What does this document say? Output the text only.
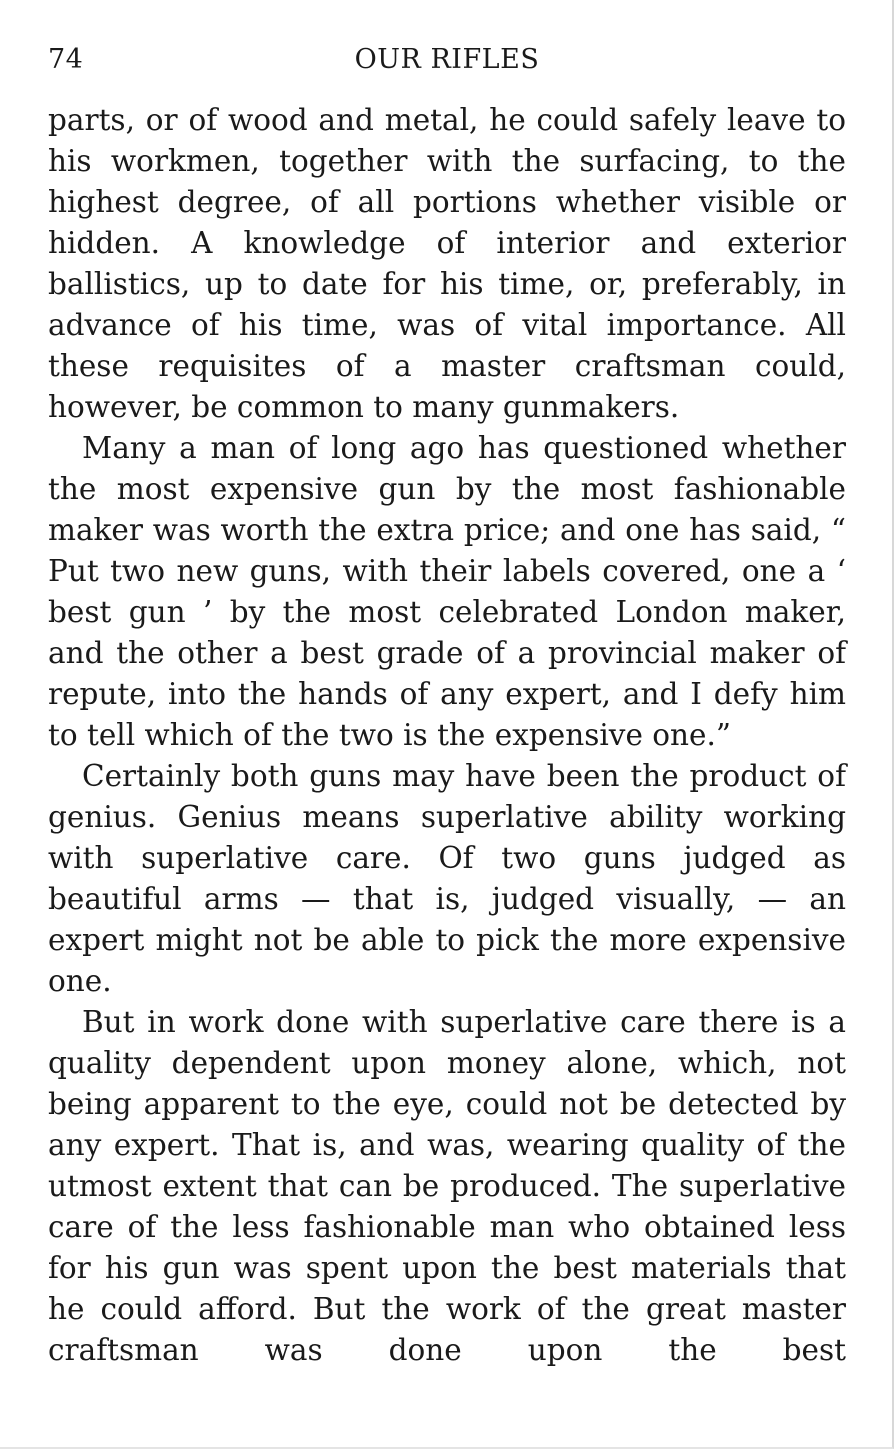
74	OUR RIFLES

parts, or of wood and metal, he could safely leave to his workmen, together with the surfacing, to the highest degree, of all portions whether visible or hidden. A knowledge of interior and exterior ballistics, up to date for his time, or, preferably, in advance of his time, was of vital importance. All these requisites of a master craftsman could, however, be common to many gunmakers.

Many a man of long ago has questioned whether the most expensive gun by the most fashionable maker was worth the extra price; and one has said, “ Put two new guns, with their labels covered, one a ‘ best gun ’ by the most celebrated London maker, and the other a best grade of a provincial maker of repute, into the hands of any expert, and I defy him to tell which of the two is the expensive one.”

Certainly both guns may have been the product of genius. Genius means superlative ability working with superlative care. Of two guns judged as beautiful arms — that is, judged visually, — an expert might not be able to pick the more expensive one.

But in work done with superlative care there is a quality dependent upon money alone, which, not being apparent to the eye, could not be detected by any expert. That is, and was, wearing quality of the utmost extent that can be produced. The superlative care of the less fashionable man who obtained less for his gun was spent upon the best materials that he could afford. But the work of the great master craftsman was done upon the best
